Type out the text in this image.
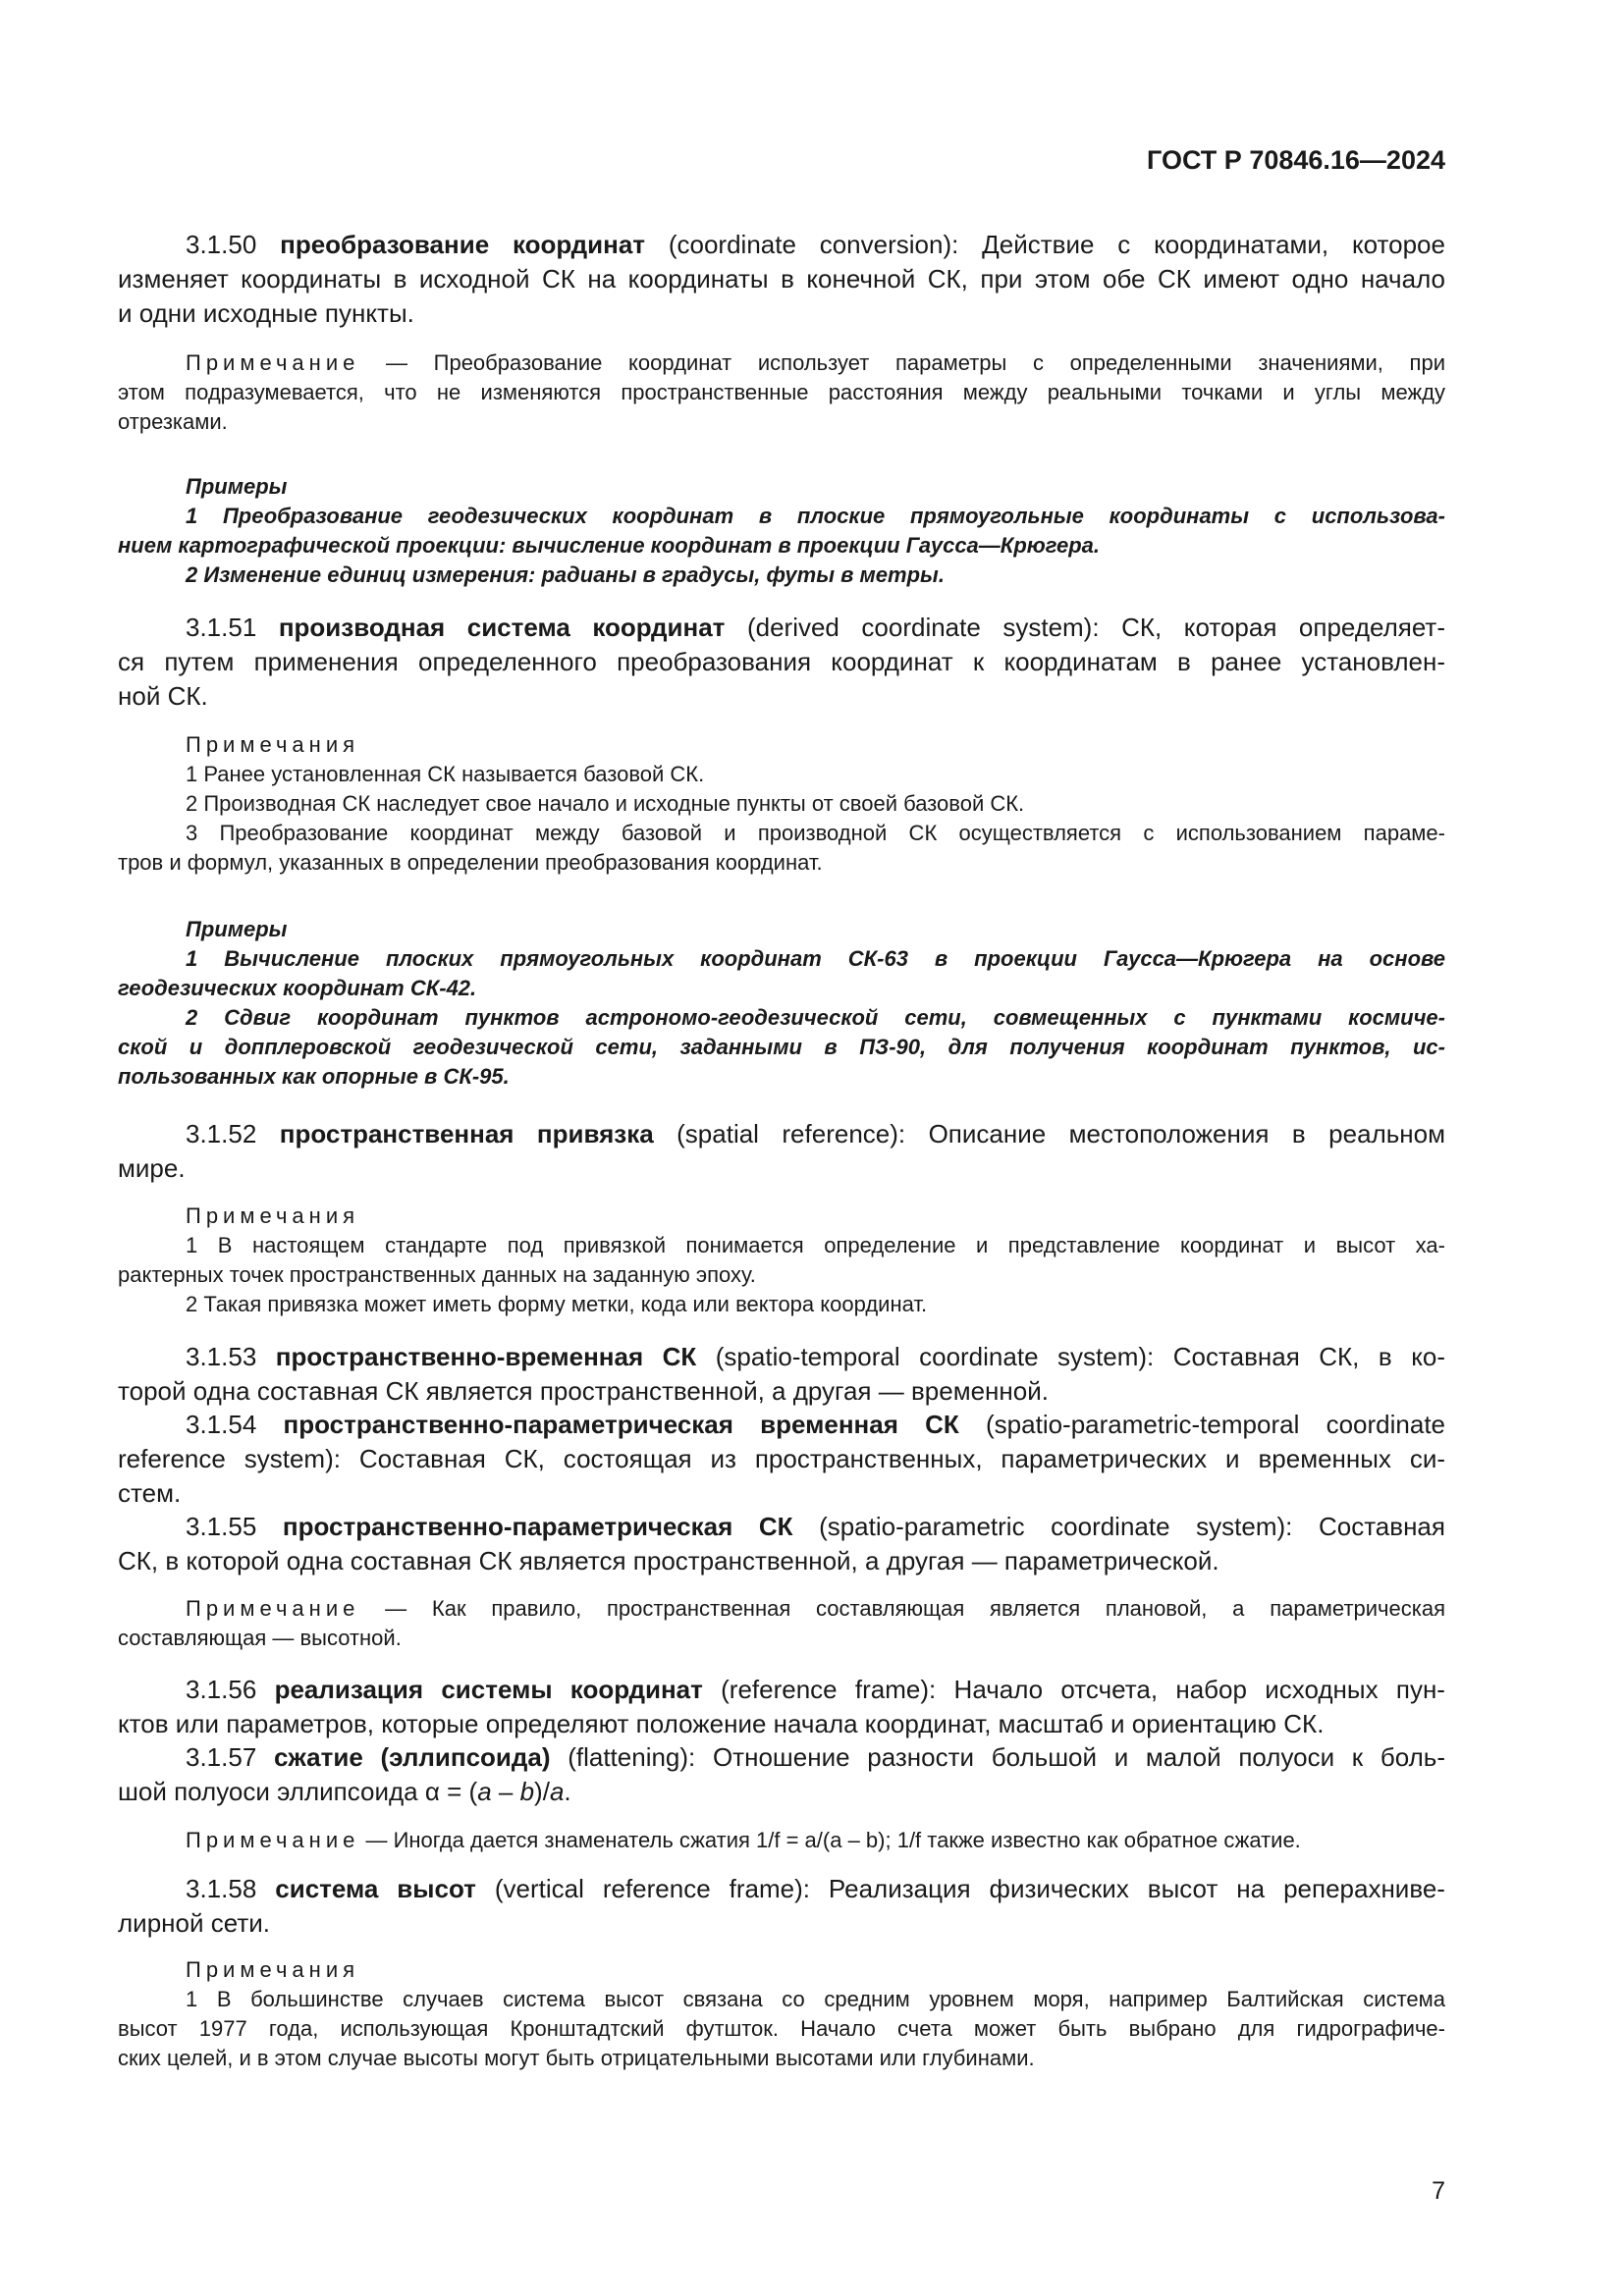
ГОСТ Р 70846.16—2024
3.1.50 преобразование координат (coordinate conversion): Действие с координатами, которое
изменяет координаты в исходной СК на координаты в конечной СК, при этом обе СК имеют одно начало
и одни исходные пункты.
Примечание — Преобразование координат использует параметры с определенными значениями, при
этом подразумевается, что не изменяются пространственные расстояния между реальными точками и углы между
отрезками.
Примеры
1 Преобразование геодезических координат в плоские прямоугольные координаты с использова-
нием картографической проекции: вычисление координат в проекции Гаусса—Крюгера.
2 Изменение единиц измерения: радианы в градусы, футы в метры.
3.1.51 производная система координат (derived coordinate system): СК, которая определяет-
ся путем применения определенного преобразования координат к координатам в ранее установлен-
ной СК.
Примечания
1 Ранее установленная СК называется базовой СК.
2 Производная СК наследует свое начало и исходные пункты от своей базовой СК.
3 Преобразование координат между базовой и производной СК осуществляется с использованием параме-
тров и формул, указанных в определении преобразования координат.
Примеры
1 Вычисление плоских прямоугольных координат СК-63 в проекции Гаусса—Крюгера на основе
геодезических координат СК-42.
2 Сдвиг координат пунктов астрономо-геодезической сети, совмещенных с пунктами космиче-
ской и допплеровской геодезической сети, заданными в ПЗ-90, для получения координат пунктов, ис-
пользованных как опорные в СК-95.
3.1.52 пространственная привязка (spatial reference): Описание местоположения в реальном
мире.
Примечания
1 В настоящем стандарте под привязкой понимается определение и представление координат и высот ха-
рактерных точек пространственных данных на заданную эпоху.
2 Такая привязка может иметь форму метки, кода или вектора координат.
3.1.53 пространственно-временная СК (spatio-temporal coordinate system): Составная СК, в ко-
торой одна составная СК является пространственной, а другая — временной.
3.1.54 пространственно-параметрическая временная СК (spatio-parametric-temporal coordinate
reference system): Составная СК, состоящая из пространственных, параметрических и временных си-
стем.
3.1.55 пространственно-параметрическая СК (spatio-parametric coordinate system): Составная
СК, в которой одна составная СК является пространственной, а другая — параметрической.
Примечание — Как правило, пространственная составляющая является плановой, а параметрическая
составляющая — высотной.
3.1.56 реализация системы координат (reference frame): Начало отсчета, набор исходных пун-
ктов или параметров, которые определяют положение начала координат, масштаб и ориентацию СК.
3.1.57 сжатие (эллипсоида) (flattening): Отношение разности большой и малой полуоси к боль-
шой полуоси эллипсоида α = (a – b)/a.
Примечание — Иногда дается знаменатель сжатия 1/f = a/(a – b); 1/f также известно как обратное сжатие.
3.1.58 система высот (vertical reference frame): Реализация физических высот на реперахниве-
лирной сети.
Примечания
1 В большинстве случаев система высот связана со средним уровнем моря, например Балтийская система
высот 1977 года, использующая Кронштадтский футшток. Начало счета может быть выбрано для гидрографиче-
ских целей, и в этом случае высоты могут быть отрицательными высотами или глубинами.
7
